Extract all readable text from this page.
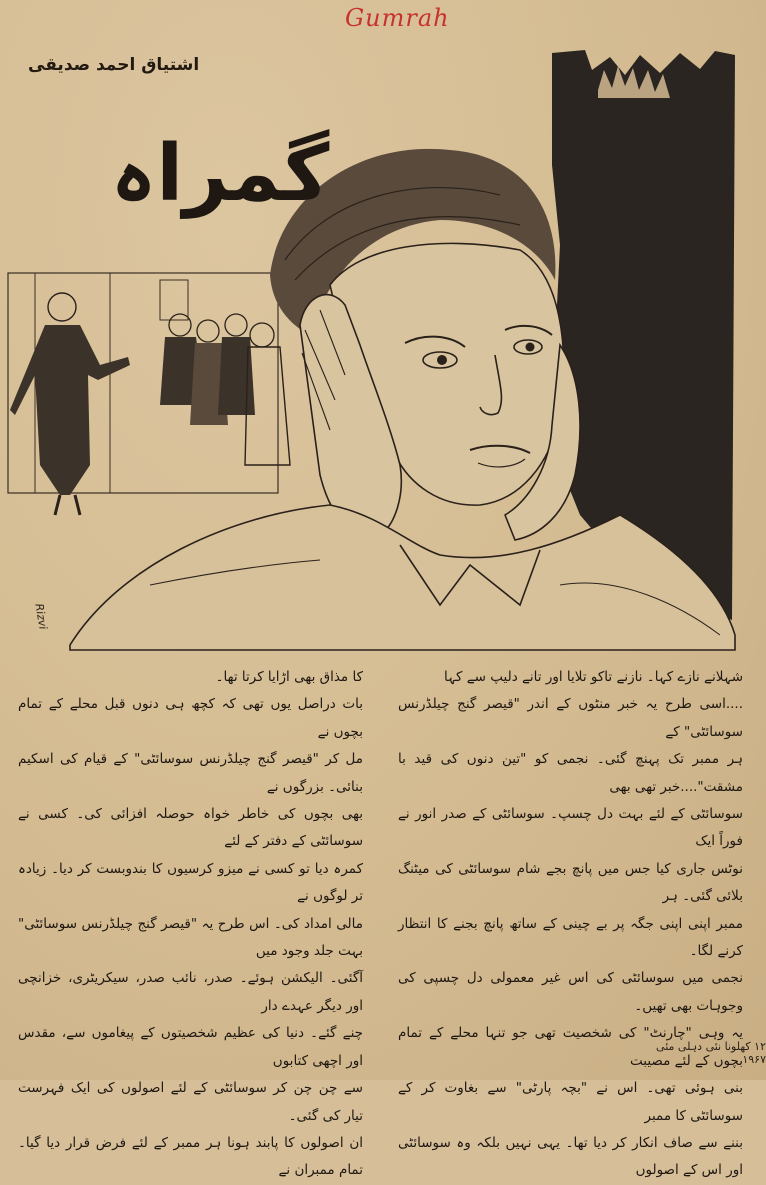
Gumrah
اشتیاق احمد صدیقی
گمراہ
Rizvi

شہلانے نازے کہا۔ نازنے تاکو تلایا اور تانے دلیپ سے کہا

....اسی طرح یہ خبر منٹوں کے اندر "قیصر گنج چیلڈرنس سوسائٹی" کے

ہر ممبر تک پہنچ گئی۔ نجمی کو "تین دنوں کی قید با مشقت"....خبر تھی بھی

سوسائٹی کے لئے بہت دل چسپ۔ سوسائٹی کے صدر انور نے فوراً ایک

نوٹس جاری کیا جس میں پانچ بجے شام سوسائٹی کی میٹنگ بلائی گئی۔ ہر

ممبر اپنی اپنی جگہ پر بے چینی کے ساتھ پانچ بجنے کا انتظار کرنے لگا۔

نجمی میں سوسائٹی کی اس غیر معمولی دل چسپی کی وجوہات بھی تھیں۔

یہ وہی "چارنٹ" کی شخصیت تھی جو تنہا محلے کے تمام بچوں کے لئے مصیبت

بنی ہوئی تھی۔ اس نے "بچہ پارٹی" سے بغاوت کر کے سوسائٹی کا ممبر

بننے سے صاف انکار کر دیا تھا۔ یہی نہیں بلکہ وہ سوسائٹی اور اس کے اصولوں

کا مذاق بھی اڑایا کرتا تھا۔

بات دراصل یوں تھی کہ کچھ ہی دنوں قبل محلے کے تمام بچوں نے

مل کر "قیصر گنج چیلڈرنس سوسائٹی" کے قیام کی اسکیم بنائی۔ بزرگوں نے

بھی بچوں کی خاطر خواہ حوصلہ افزائی کی۔ کسی نے سوسائٹی کے دفتر کے لئے

کمرہ دیا تو کسی نے میزو کرسیوں کا بندوبست کر دیا۔ زیادہ تر لوگوں نے

مالی امداد کی۔ اس طرح یہ "قیصر گنج چیلڈرنس سوسائٹی" بہت جلد وجود میں

آگئی۔ الیکشن ہوئے۔ صدر، نائب صدر، سیکریٹری، خزانچی اور دیگر عہدے دار

چنے گئے۔ دنیا کی عظیم شخصیتوں کے پیغاموں سے، مقدس اور اچھی کتابوں

سے چن چن کر سوسائٹی کے لئے اصولوں کی ایک فہرست تیار کی گئی۔

ان اصولوں کا پابند ہونا ہر ممبر کے لئے فرض قرار دیا گیا۔ تمام ممبران نے

۱۲ کھلونا نئی دہلی مئی ۱۹۶۷
